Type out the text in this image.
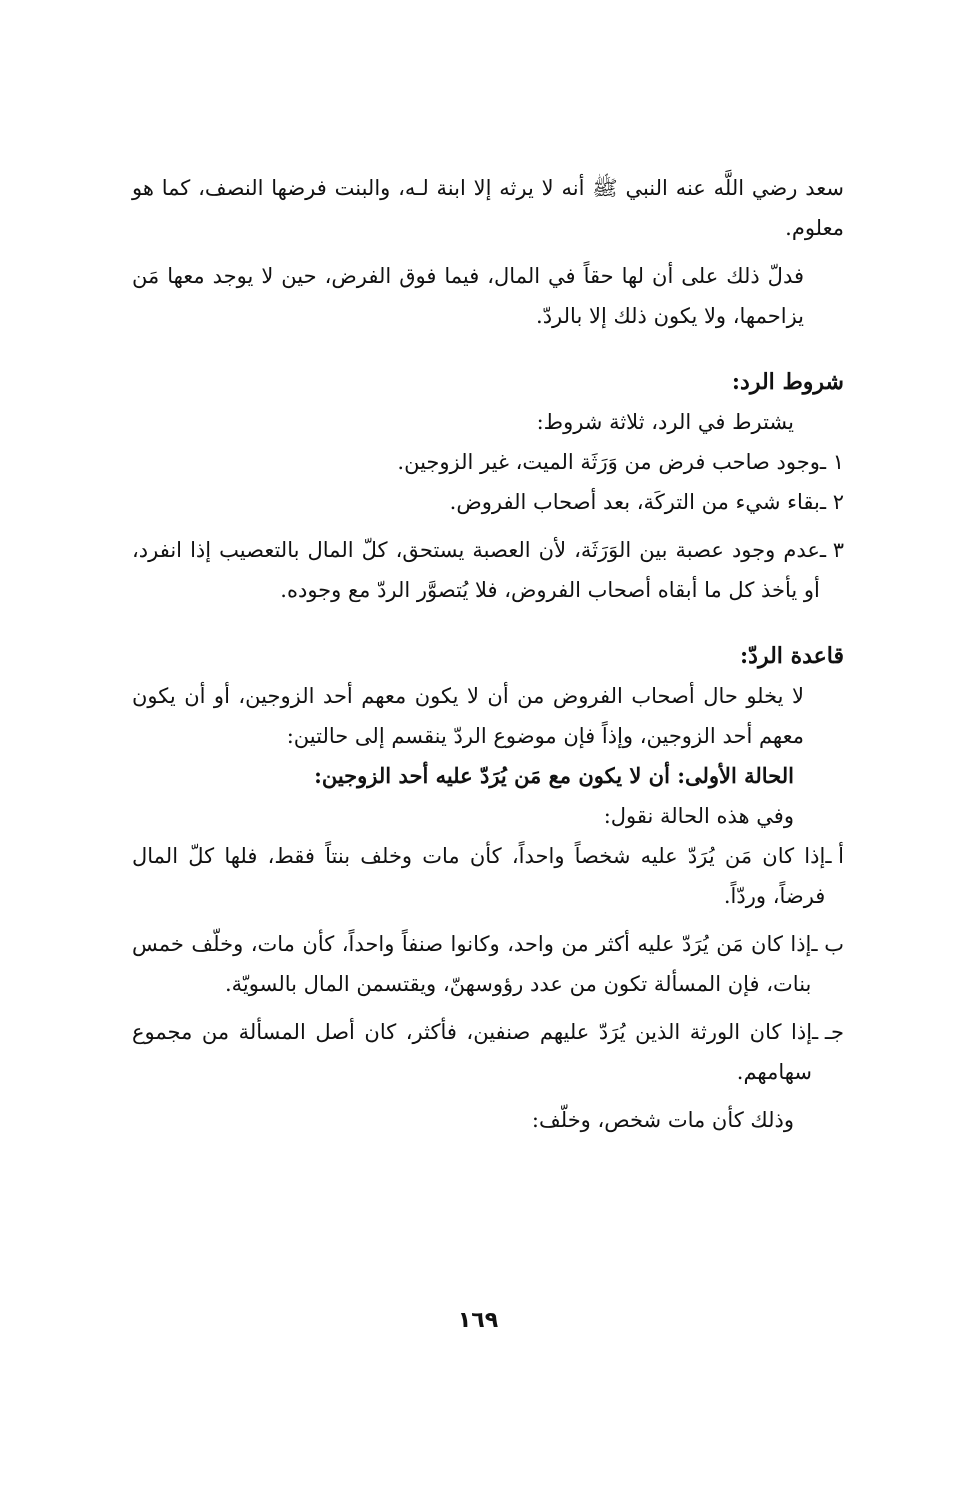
سعد رضي اللَّه عنه النبي ﷺ أنه لا يرثه إلا ابنة لـه، والبنت فرضها النصف، كما هو معلوم.

فدلّ ذلك على أن لها حقاً في المال، فيما فوق الفرض، حين لا يوجد معها مَن يزاحمها، ولا يكون ذلك إلا بالردّ.

شروط الرد:

يشترط في الرد، ثلاثة شروط:

١ ـ
وجود صاحب فرض من وَرَثَة الميت، غير الزوجين.
٢ ـ
بقاء شيء من التركَة، بعد أصحاب الفروض.
٣ ـ
عدم وجود عصبة بين الوَرَثَة، لأن العصبة يستحق، كلّ المال بالتعصيب إذا انفرد، أو يأخذ كل ما أبقاه أصحاب الفروض، فلا يُتصوَّر الردّ مع وجوده.
قاعدة الردّ:

لا يخلو حال أصحاب الفروض من أن لا يكون معهم أحد الزوجين، أو أن يكون معهم أحد الزوجين، وإذاً فإن موضوع الردّ ينقسم إلى حالتين:

الحالة الأولى: أن لا يكون مع مَن يُرَدّ عليه أحد الزوجين:

وفي هذه الحالة نقول:

أ ـ
إذا كان مَن يُرَدّ عليه شخصاً واحداً، كأن مات وخلف بنتاً فقط، فلها كلّ المال فرضاً، وردّاً.
ب ـ
إذا كان مَن يُرَدّ عليه أكثر من واحد، وكانوا صنفاً واحداً، كأن مات، وخلّف خمس بنات، فإن المسألة تكون من عدد رؤوسهنّ، ويقتسمن المال بالسويّة.
جـ ـ
إذا كان الورثة الذين يُرَدّ عليهم صنفين، فأكثر، كان أصل المسألة من مجموع سهامهم.

وذلك كأن مات شخص، وخلّف:

١٦٩
